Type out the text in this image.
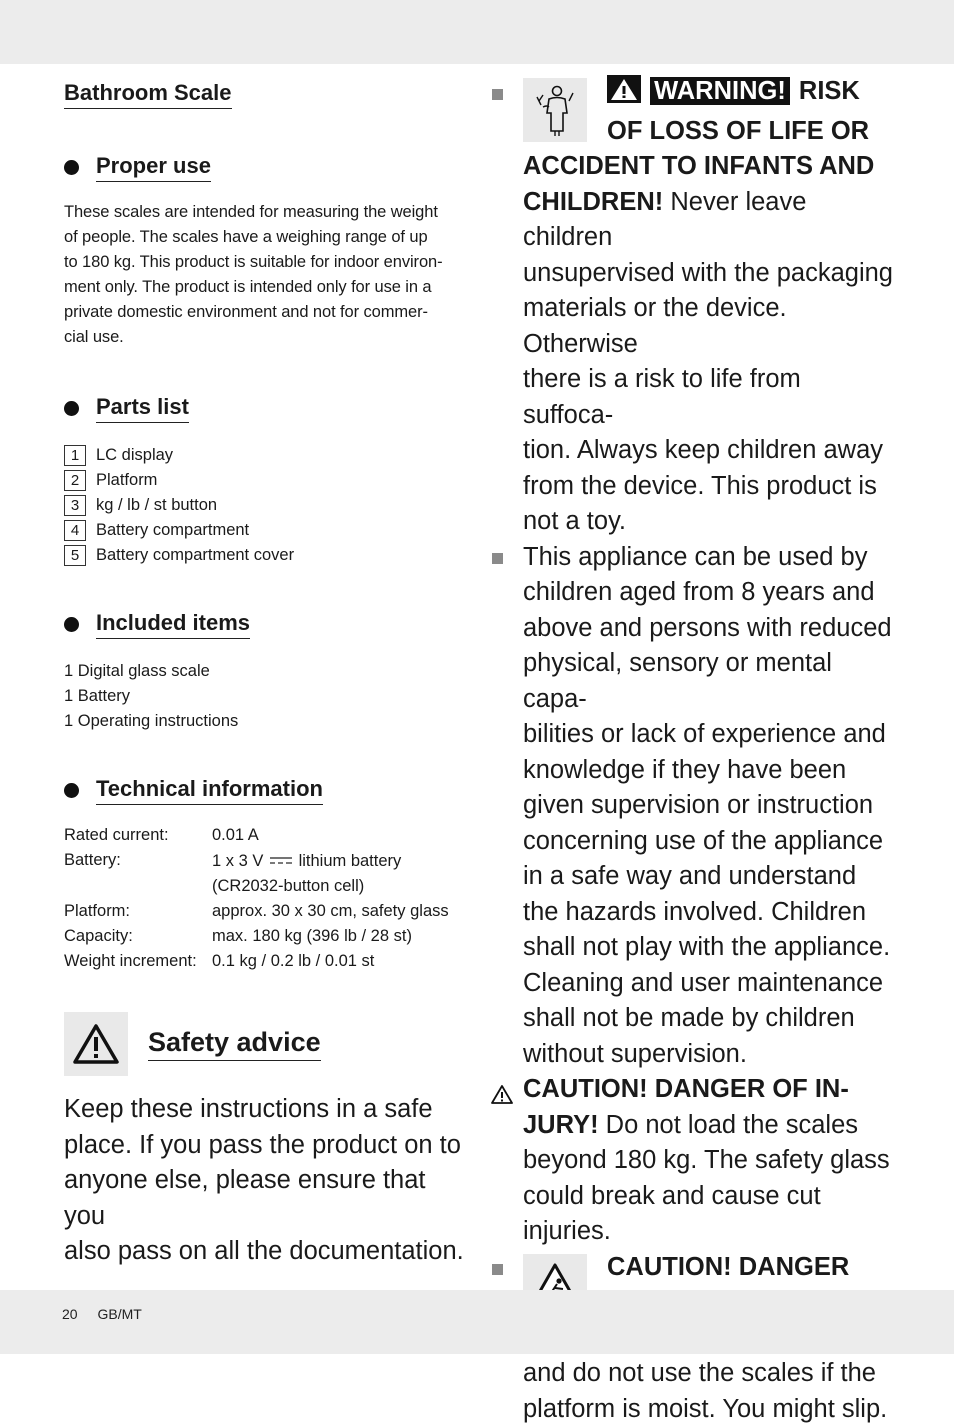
Bathroom Scale
Proper use
These scales are intended for measuring the weight
of people. The scales have a weighing range of up
to 180 kg. This product is suitable for indoor environ-
ment only. The product is intended only for use in a
private domestic environment and not for commer-
cial use.
Parts list
1	LC display
2	Platform
3	kg / lb / st button
4	Battery compartment
5	Battery compartment cover
Included items
1 Digital glass scale
1 Battery
1 Operating instructions
Technical information
Rated current:	0.01 A
Battery:	1 x 3 V lithium battery
	(CR2032-button cell)
Platform:	approx. 30 x 30 cm, safety glass
Capacity:	max. 180 kg (396 lb / 28 st)
Weight increment:	0.1 kg / 0.2 lb / 0.01 st
Safety advice
Keep these instructions in a safe
place. If you pass the product on to
anyone else, please ensure that you
also pass on all the documentation.
WARNING! RISK
OF LOSS OF LIFE OR
ACCIDENT TO INFANTS AND
CHILDREN! Never leave children
unsupervised with the packaging
materials or the device. Otherwise
there is a risk to life from suffoca-
tion. Always keep children away
from the device. This product is
not a toy.
This appliance can be used by
children aged from 8 years and
above and persons with reduced
physical, sensory or mental capa-
bilities or lack of experience and
knowledge if they have been
given supervision or instruction
concerning use of the appliance
in a safe way and understand
the hazards involved. Children
shall not play with the appliance.
Cleaning and user maintenance
shall not be made by children
without supervision.
CAUTION! DANGER OF IN-
JURY! Do not load the scales
beyond 180 kg. The safety glass
could break and cause cut injuries.
CAUTION! DANGER
and do not use the scales if the
platform is moist. You might slip.
20 GB/MT
